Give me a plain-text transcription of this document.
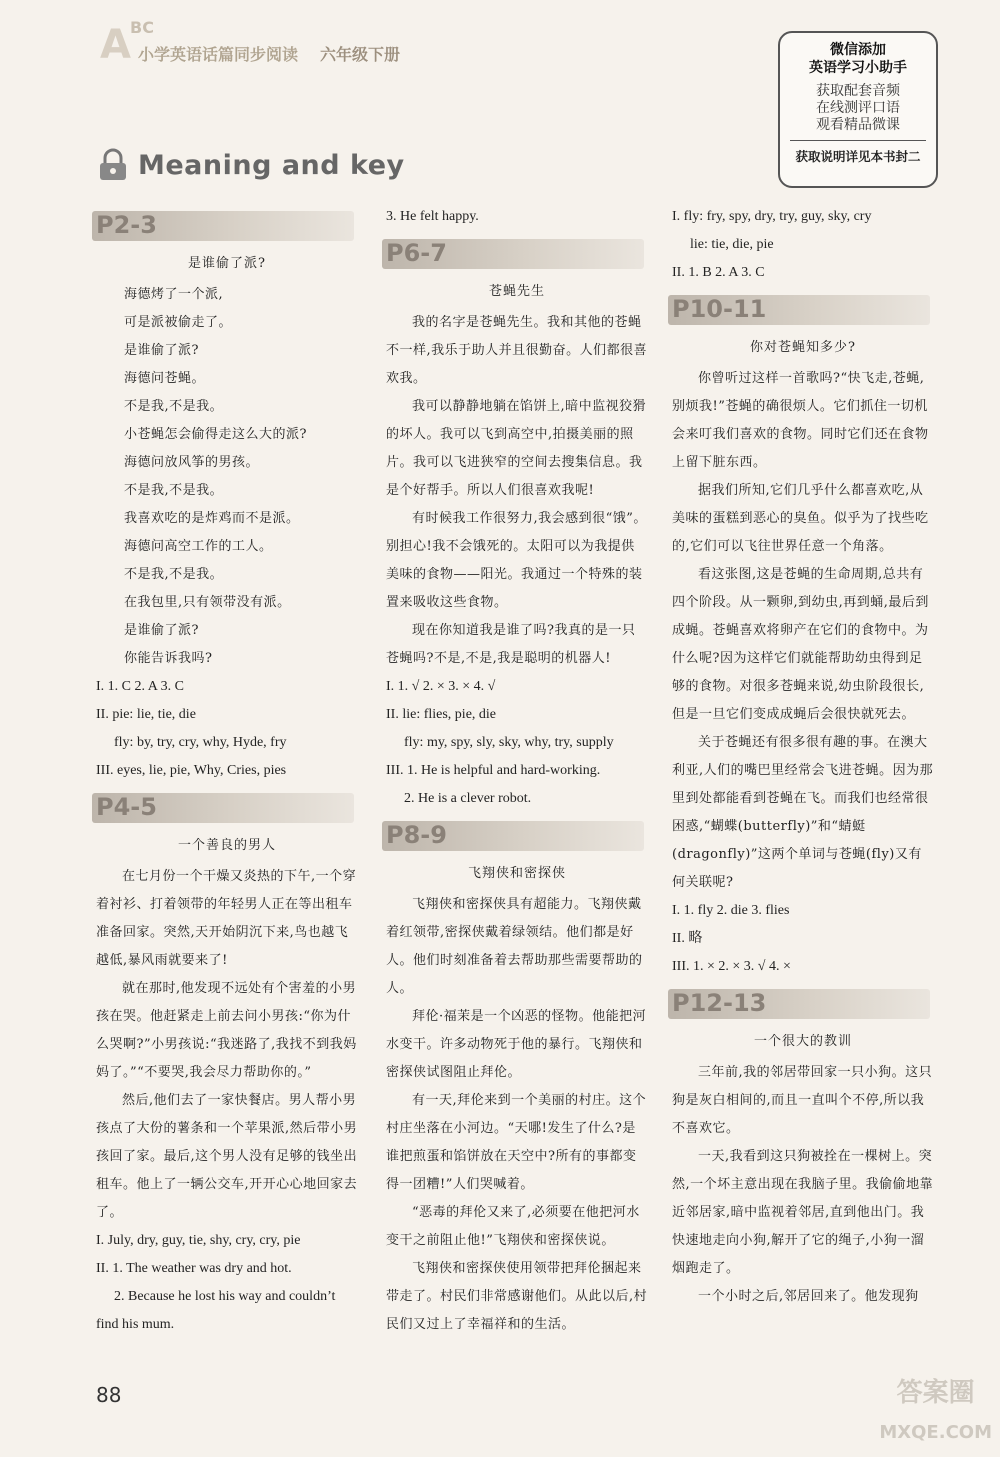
A BC
小学英语话篇同步阅读 六年级下册	微信添加
英语学习小助手
获取配套音频
在线测评口语
观看精品微课
获取说明详见本书封二
Meaning and key
P2-3
是谁偷了派?

海德烤了一个派,

可是派被偷走了。

是谁偷了派?

海德问苍蝇。

不是我,不是我。

小苍蝇怎会偷得走这么大的派?

海德问放风筝的男孩。

不是我,不是我。

我喜欢吃的是炸鸡而不是派。

海德问高空工作的工人。

不是我,不是我。

在我包里,只有领带没有派。

是谁偷了派?

你能告诉我吗?

I. 1. C 2. A 3. C

II. pie: lie, tie, die

fly: by, try, cry, why, Hyde, fry

III. eyes, lie, pie, Why, Cries, pies

P4-5
一个善良的男人

在七月份一个干燥又炎热的下午,一个穿着衬衫、打着领带的年轻男人正在等出租车准备回家。突然,天开始阴沉下来,鸟也越飞越低,暴风雨就要来了!

就在那时,他发现不远处有个害羞的小男孩在哭。他赶紧走上前去问小男孩:“你为什么哭啊?”小男孩说:“我迷路了,我找不到我妈妈了。”“不要哭,我会尽力帮助你的。”

然后,他们去了一家快餐店。男人帮小男孩点了大份的薯条和一个苹果派,然后带小男孩回了家。最后,这个男人没有足够的钱坐出租车。他上了一辆公交车,开开心心地回家去了。

I. July, dry, guy, tie, shy, cry, cry, pie

II. 1. The weather was dry and hot.

2. Because he lost his way and couldn’t

find his mum.

3. He felt happy.

P6-7
苍蝇先生

我的名字是苍蝇先生。我和其他的苍蝇不一样,我乐于助人并且很勤奋。人们都很喜欢我。

我可以静静地躺在馅饼上,暗中监视狡猾的坏人。我可以飞到高空中,拍摄美丽的照片。我可以飞进狭窄的空间去搜集信息。我是个好帮手。所以人们很喜欢我呢!

有时候我工作很努力,我会感到很“饿”。别担心!我不会饿死的。太阳可以为我提供美味的食物——阳光。我通过一个特殊的装置来吸收这些食物。

现在你知道我是谁了吗?我真的是一只苍蝇吗?不是,不是,我是聪明的机器人!

I. 1. √ 2. × 3. × 4. √

II. lie: flies, pie, die

fly: my, spy, sly, sky, why, try, supply

III. 1. He is helpful and hard-working.

2. He is a clever robot.

P8-9
飞翔侠和密探侠

飞翔侠和密探侠具有超能力。飞翔侠戴着红领带,密探侠戴着绿领结。他们都是好人。他们时刻准备着去帮助那些需要帮助的人。

拜伦·福茉是一个凶恶的怪物。他能把河水变干。许多动物死于他的暴行。飞翔侠和密探侠试图阻止拜伦。

有一天,拜伦来到一个美丽的村庄。这个村庄坐落在小河边。“天哪!发生了什么?是谁把煎蛋和馅饼放在天空中?所有的事都变得一团糟!”人们哭喊着。

“恶毒的拜伦又来了,必须要在他把河水变干之前阻止他!”飞翔侠和密探侠说。

飞翔侠和密探侠使用领带把拜伦捆起来带走了。村民们非常感谢他们。从此以后,村民们又过上了幸福祥和的生活。

I. fly: fry, spy, dry, try, guy, sky, cry

lie: tie, die, pie

II. 1. B 2. A 3. C

P10-11
你对苍蝇知多少?

你曾听过这样一首歌吗?“快飞走,苍蝇,别烦我!”苍蝇的确很烦人。它们抓住一切机会来叮我们喜欢的食物。同时它们还在食物上留下脏东西。

据我们所知,它们几乎什么都喜欢吃,从美味的蛋糕到恶心的臭鱼。似乎为了找些吃的,它们可以飞往世界任意一个角落。

看这张图,这是苍蝇的生命周期,总共有四个阶段。从一颗卵,到幼虫,再到蛹,最后到成蝇。苍蝇喜欢将卵产在它们的食物中。为什么呢?因为这样它们就能帮助幼虫得到足够的食物。对很多苍蝇来说,幼虫阶段很长,但是一旦它们变成成蝇后会很快就死去。

关于苍蝇还有很多很有趣的事。在澳大利亚,人们的嘴巴里经常会飞进苍蝇。因为那里到处都能看到苍蝇在飞。而我们也经常很困惑,“蝴蝶(butterfly)”和“蜻蜓(dragonfly)”这两个单词与苍蝇(fly)又有何关联呢?

I. 1. fly 2. die 3. flies

II. 略

III. 1. × 2. × 3. √ 4. ×

P12-13
一个很大的教训

三年前,我的邻居带回家一只小狗。这只狗是灰白相间的,而且一直叫个不停,所以我不喜欢它。

一天,我看到这只狗被拴在一棵树上。突然,一个坏主意出现在我脑子里。我偷偷地靠近邻居家,暗中监视着邻居,直到他出门。我快速地走向小狗,解开了它的绳子,小狗一溜烟跑走了。

一个小时之后,邻居回来了。他发现狗

88	答案圈
MXQE.COM
